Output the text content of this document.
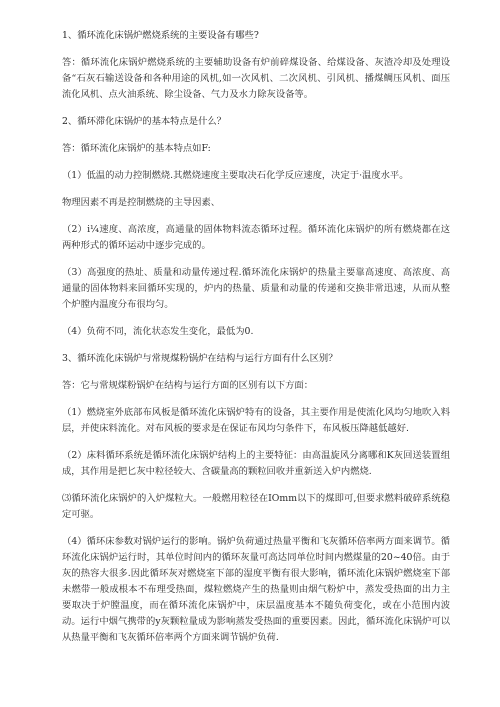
1、循环流化床锅炉燃烧系统的主要设备有哪些?

答：循环流化床锅炉燃烧系统的主要辅助设备有炉前碎煤设备、给煤设备、灰渣冷却及处理设备“石灰石输送设备和各种用途的风机,如一次风机、二次风机、引风机、播煤鲷压风机、面压流化风机、点火油系统、除尘设备、气力及水力除灰设备等。

2、循环滞化床锅炉的基本特点是什么？

答：循环流化床锅炉的基本特点如F:

（1）低温的动力控制燃烧.其燃烧速度主要取决石化学反应速度，决定于·温度水平。

物理因素不再是控制燃烧的主导因素、

（2）i¼速度、高浓度，高通量的固体物料流态循环过程。循环流化床锅炉的所有燃烧都在这两种形式的循环运动中逐步完成的。

（3）高强度的热址、质量和动量传递过程.循环流化床锅炉的热量主要靠高速度、高浓度、高通量的固体物料来回循环实现的，炉内的热量、质量和动量的传递和交换非常迅速，从而从整个炉膛内温度分布很均匀。

（4）负荷不同，流化状态发生变化，最低为0.

3、循环流化床锅炉与常规煤粉锅炉在结构与运行方面有什么区别？

答：它与常规煤粉锅炉在结构与运行方面的区别有以下方面：

（1）燃烧室外底部布风板是循环流化床锅炉特有的设备，其主要作用是使流化风均匀地吹入料层，并使床料流化。对布风板的要求是在保证布风均匀条件下，布风板压降越低越好.

（2）床料循环系统是循环流化床锅炉结构上的主要特征：由高温旋风分离哪和K灰回送装置组成，其作用是把匕灰中粒径较大、含碳量高的颗粒回收并重新送入炉内燃烧.

⑶循环流化床锅炉的入炉煤粒大。一般燃用粒径在IOmm以下的煤即可,但要求燃料破碎系统稳定可驱。

（4）循环床参数对锅炉运行的影响。锅炉负荷通过热量平衡和飞灰循环倍率两方面来调节。循环流化床锅炉运行时，其单位时间内的循环灰量可高达同单位时间内燃煤量的20~40倍。由于灰的热容大很多.因此循环灰对燃烧室下部的湿度平衡有很大影响，循环流化床锅炉燃烧室下部未燃带一般成根本不布理受热面，煤粒燃烧产生的热量则由烟气粉炉中，蒸发受热面的出力主要取决于炉膛温度，而在循环流化床锅炉中，床层温度基本不随负荷变化，或在小范围内波动。运行中烟气携带的y灰颗粒量成为影响蒸发受热面的重要因素。因此，循环流化床锅炉可以从热量平衡和飞灰循环倍率两个方面来调节锅炉负荷.
